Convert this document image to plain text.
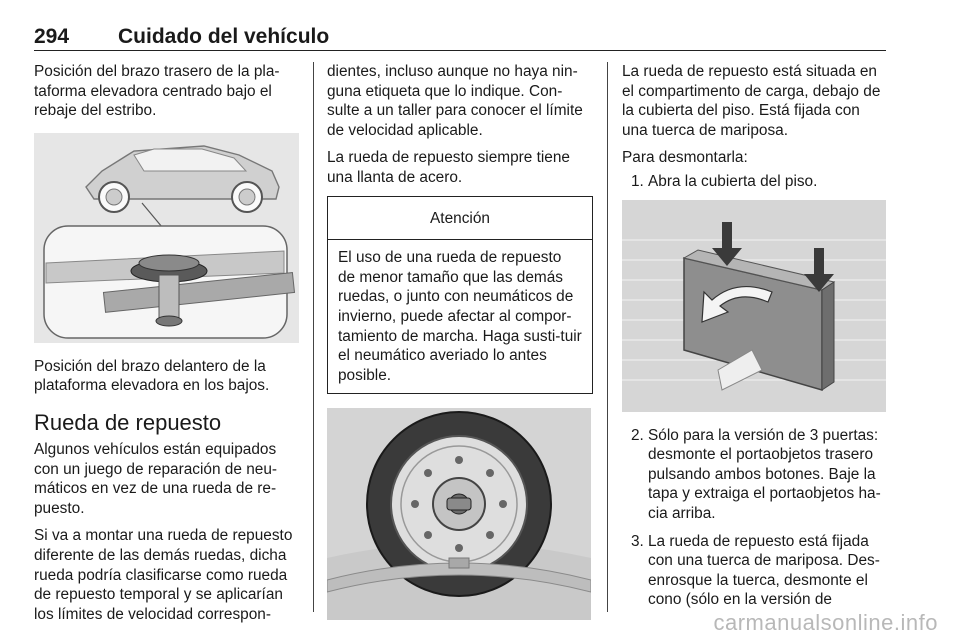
294 Cuidado del vehículo

Posición del brazo trasero de la pla-taforma elevadora centrado bajo el rebaje del estribo.

Posición del brazo delantero de la plataforma elevadora en los bajos.

Rueda de repuesto

Algunos vehículos están equipados con un juego de reparación de neu-máticos en vez de una rueda de re-puesto.

Si va a montar una rueda de repuesto diferente de las demás ruedas, dicha rueda podría clasificarse como rueda de repuesto temporal y se aplicarían los límites de velocidad correspon-

dientes, incluso aunque no haya nin-guna etiqueta que lo indique. Con-sulte a un taller para conocer el límite de velocidad aplicable.

La rueda de repuesto siempre tiene una llanta de acero.

Atención
El uso de una rueda de repuesto de menor tamaño que las demás ruedas, o junto con neumáticos de invierno, puede afectar al compor-tamiento de marcha. Haga susti-tuir el neumático averiado lo antes posible.

La rueda de repuesto está situada en el compartimento de carga, debajo de la cubierta del piso. Está fijada con una tuerca de mariposa.

Para desmontarla:

1. Abra la cubierta del piso.
2. Sólo para la versión de 3 puertas: desmonte el portaobjetos trasero pulsando ambos botones. Baje la tapa y extraiga el portaobjetos ha-cia arriba.
3. La rueda de repuesto está fijada con una tuerca de mariposa. Des-enrosque la tuerca, desmonte el cono (sólo en la versión de
carmanualsonline.info
